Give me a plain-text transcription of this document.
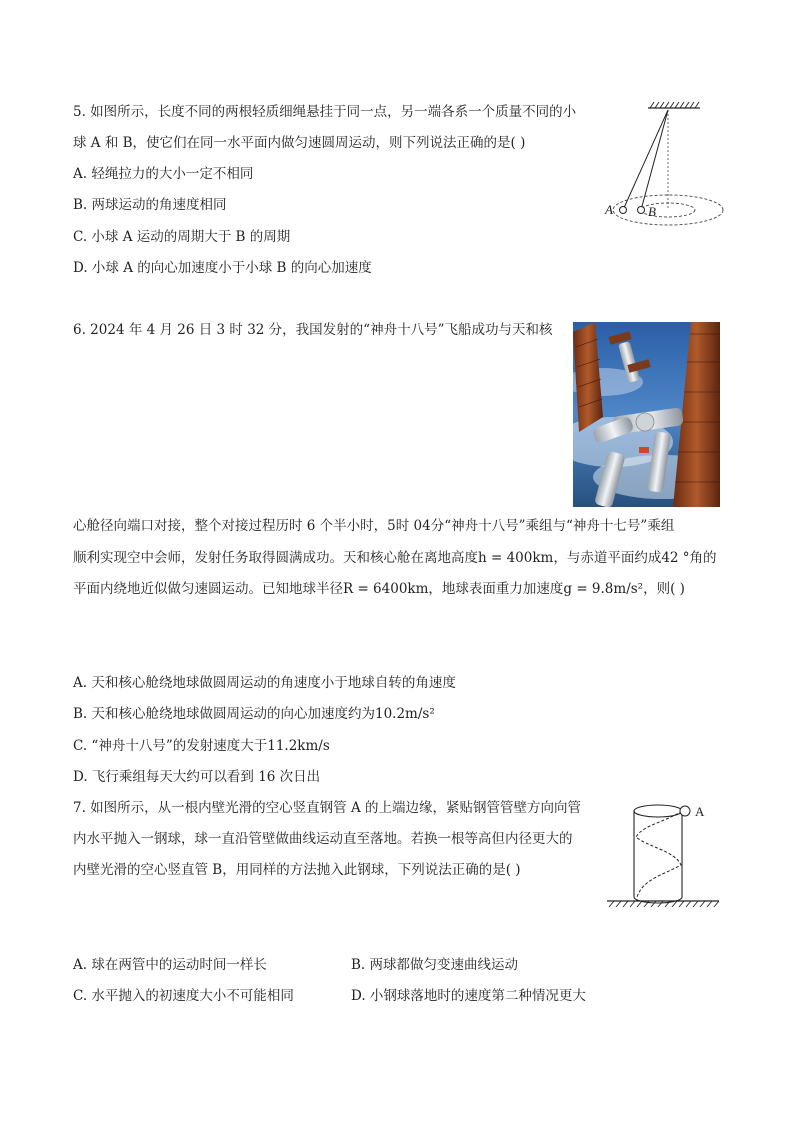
5. 如图所示，长度不同的两根轻质细绳悬挂于同一点，另一端各系一个质量不同的小
球 A 和 B，使它们在同一水平面内做匀速圆周运动，则下列说法正确的是( )
A. 轻绳拉力的大小一定不相同
B. 两球运动的角速度相同
C. 小球 A 运动的周期大于 B 的周期
D. 小球 A 的向心加速度小于小球 B 的向心加速度
A	B
6. 2024 年 4 月 26 日 3 时 32 分，我国发射的“神舟十八号”飞船成功与天和核
心舱径向端口对接，整个对接过程历时 6 个半小时，5时 04分“神舟十八号”乘组与“神舟十七号”乘组
顺利实现空中会师，发射任务取得圆满成功。天和核心舱在离地高度h = 400km，与赤道平面约成42 °角的
平面内绕地近似做匀速圆运动。已知地球半径R = 6400km，地球表面重力加速度g = 9.8m/s²，则( )
A. 天和核心舱绕地球做圆周运动的角速度小于地球自转的角速度
B. 天和核心舱绕地球做圆周运动的向心加速度约为10.2m/s²
C. “神舟十八号”的发射速度大于11.2km/s
D. 飞行乘组每天大约可以看到 16 次日出
7. 如图所示，从一根内壁光滑的空心竖直钢管 A 的上端边缘，紧贴钢管管壁方向向管
内水平抛入一钢球，球一直沿管壁做曲线运动直至落地。若换一根等高但内径更大的
内壁光滑的空心竖直管 B，用同样的方法抛入此钢球，下列说法正确的是( )
A
A. 球在两管中的运动时间一样长	B. 两球都做匀变速曲线运动
C. 水平抛入的初速度大小不可能相同	D. 小钢球落地时的速度第二种情况更大
